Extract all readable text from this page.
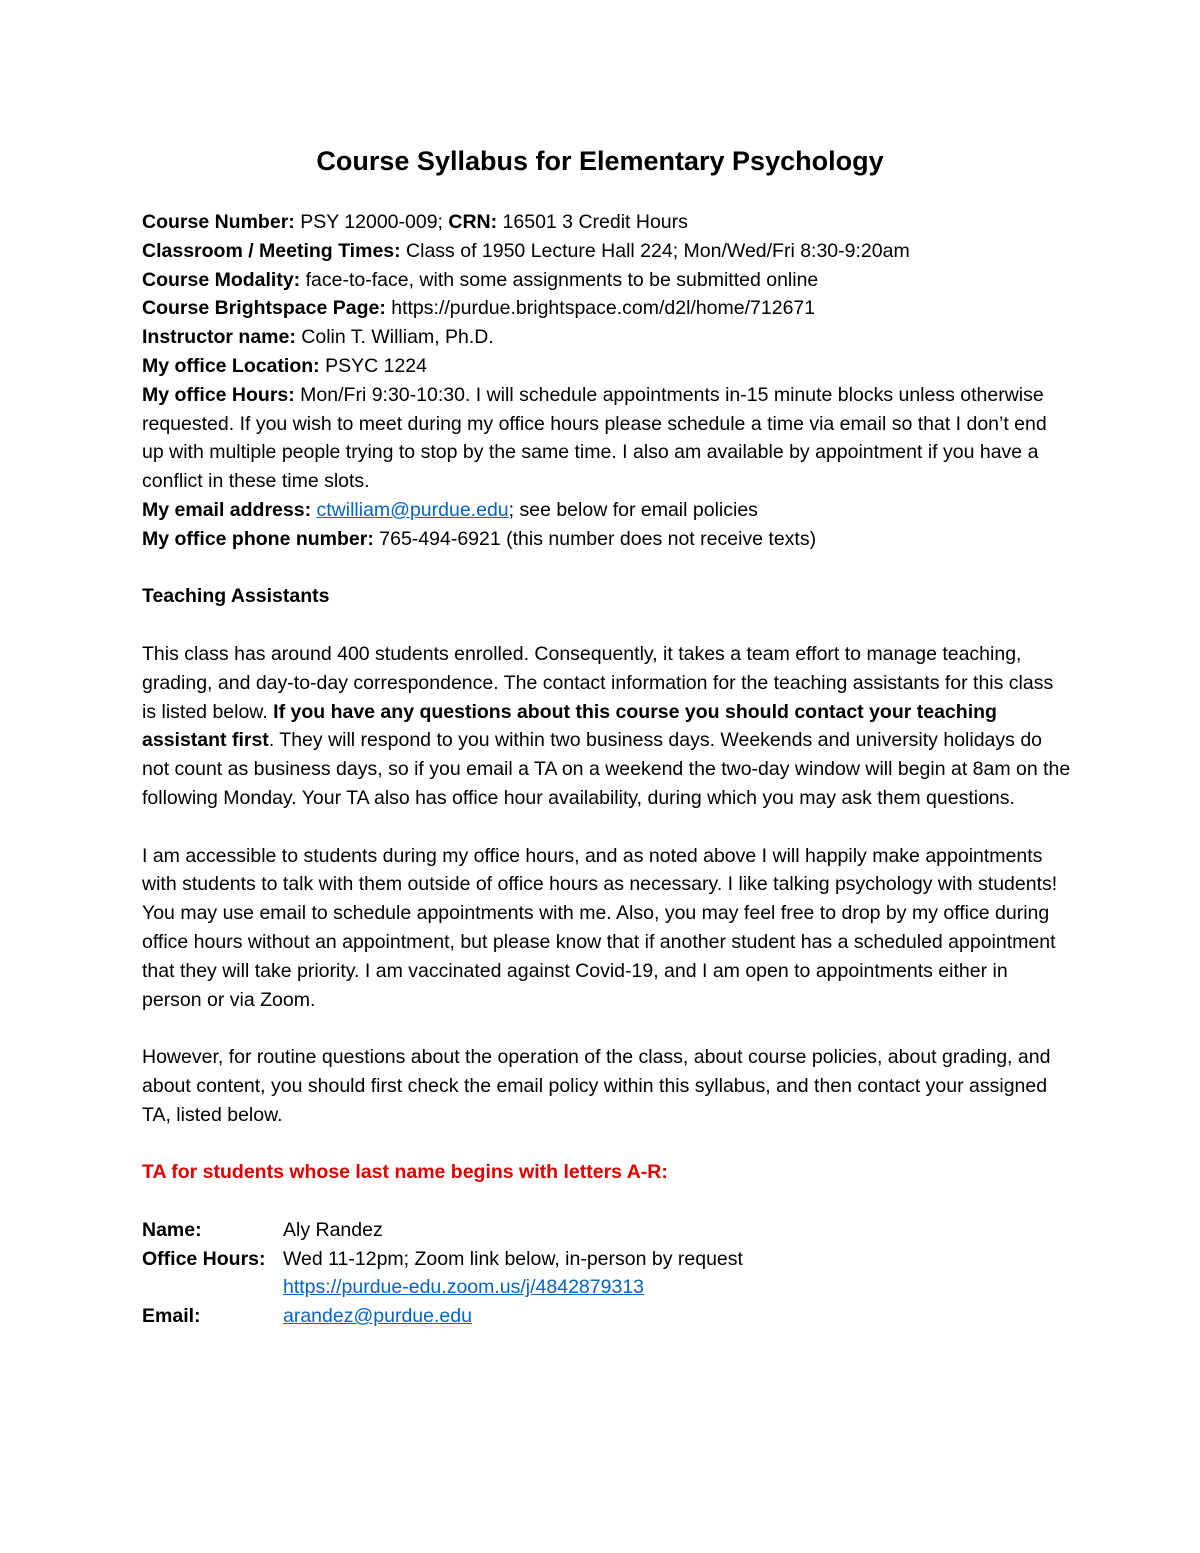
Course Syllabus for Elementary Psychology

Course Number: PSY 12000-009; CRN: 16501 3 Credit Hours

Classroom / Meeting Times: Class of 1950 Lecture Hall 224; Mon/Wed/Fri 8:30-9:20am

Course Modality: face-to-face, with some assignments to be submitted online

Course Brightspace Page: https://purdue.brightspace.com/d2l/home/712671

Instructor name: Colin T. William, Ph.D.

My office Location: PSYC 1224

My office Hours: Mon/Fri 9:30-10:30. I will schedule appointments in-15 minute blocks unless otherwise requested. If you wish to meet during my office hours please schedule a time via email so that I don’t end up with multiple people trying to stop by the same time. I also am available by appointment if you have a conflict in these time slots.

My email address: ctwilliam@purdue.edu; see below for email policies

My office phone number: 765-494-6921 (this number does not receive texts)

Teaching Assistants

This class has around 400 students enrolled. Consequently, it takes a team effort to manage teaching, grading, and day-to-day correspondence. The contact information for the teaching assistants for this class is listed below. If you have any questions about this course you should contact your teaching assistant first. They will respond to you within two business days. Weekends and university holidays do not count as business days, so if you email a TA on a weekend the two-day window will begin at 8am on the following Monday. Your TA also has office hour availability, during which you may ask them questions.

I am accessible to students during my office hours, and as noted above I will happily make appointments with students to talk with them outside of office hours as necessary. I like talking psychology with students! You may use email to schedule appointments with me. Also, you may feel free to drop by my office during office hours without an appointment, but please know that if another student has a scheduled appointment that they will take priority. I am vaccinated against Covid-19, and I am open to appointments either in person or via Zoom.

However, for routine questions about the operation of the class, about course policies, about grading, and about content, you should first check the email policy within this syllabus, and then contact your assigned TA, listed below.

TA for students whose last name begins with letters A-R:

Name:	Aly Randez
Office Hours: Wed 11-12pm; Zoom link below, in-person by request
https://purdue-edu.zoom.us/j/4842879313
Email:	arandez@purdue.edu
